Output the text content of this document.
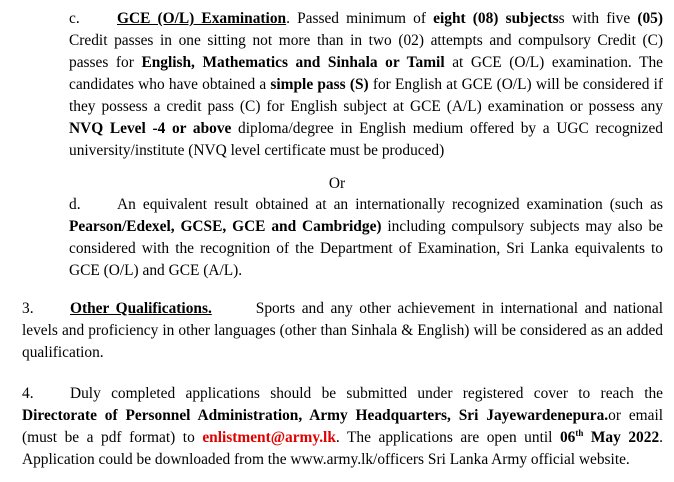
c. GCE (O/L) Examination. Passed minimum of eight (08) subjectss with five (05) Credit passes in one sitting not more than in two (02) attempts and compulsory Credit (C) passes for English, Mathematics and Sinhala or Tamil at GCE (O/L) examination. The candidates who have obtained a simple pass (S) for English at GCE (O/L) will be considered if they possess a credit pass (C) for English subject at GCE (A/L) examination or possess any NVQ Level -4 or above diploma/degree in English medium offered by a UGC recognized university/institute (NVQ level certificate must be produced)

Or

d. An equivalent result obtained at an internationally recognized examination (such as Pearson/Edexel, GCSE, GCE and Cambridge) including compulsory subjects may also be considered with the recognition of the Department of Examination, Sri Lanka equivalents to GCE (O/L) and GCE (A/L).

3. Other Qualifications.	Sports and any other achievement in international and national levels and proficiency in other languages (other than Sinhala & English) will be considered as an added qualification.

4. Duly completed applications should be submitted under registered cover to reach the Directorate of Personnel Administration, Army Headquarters, Sri Jayewardenepura.or email (must be a pdf format) to enlistment@army.lk. The applications are open until 06th May 2022. Application could be downloaded from the www.army.lk/officers Sri Lanka Army official website.
